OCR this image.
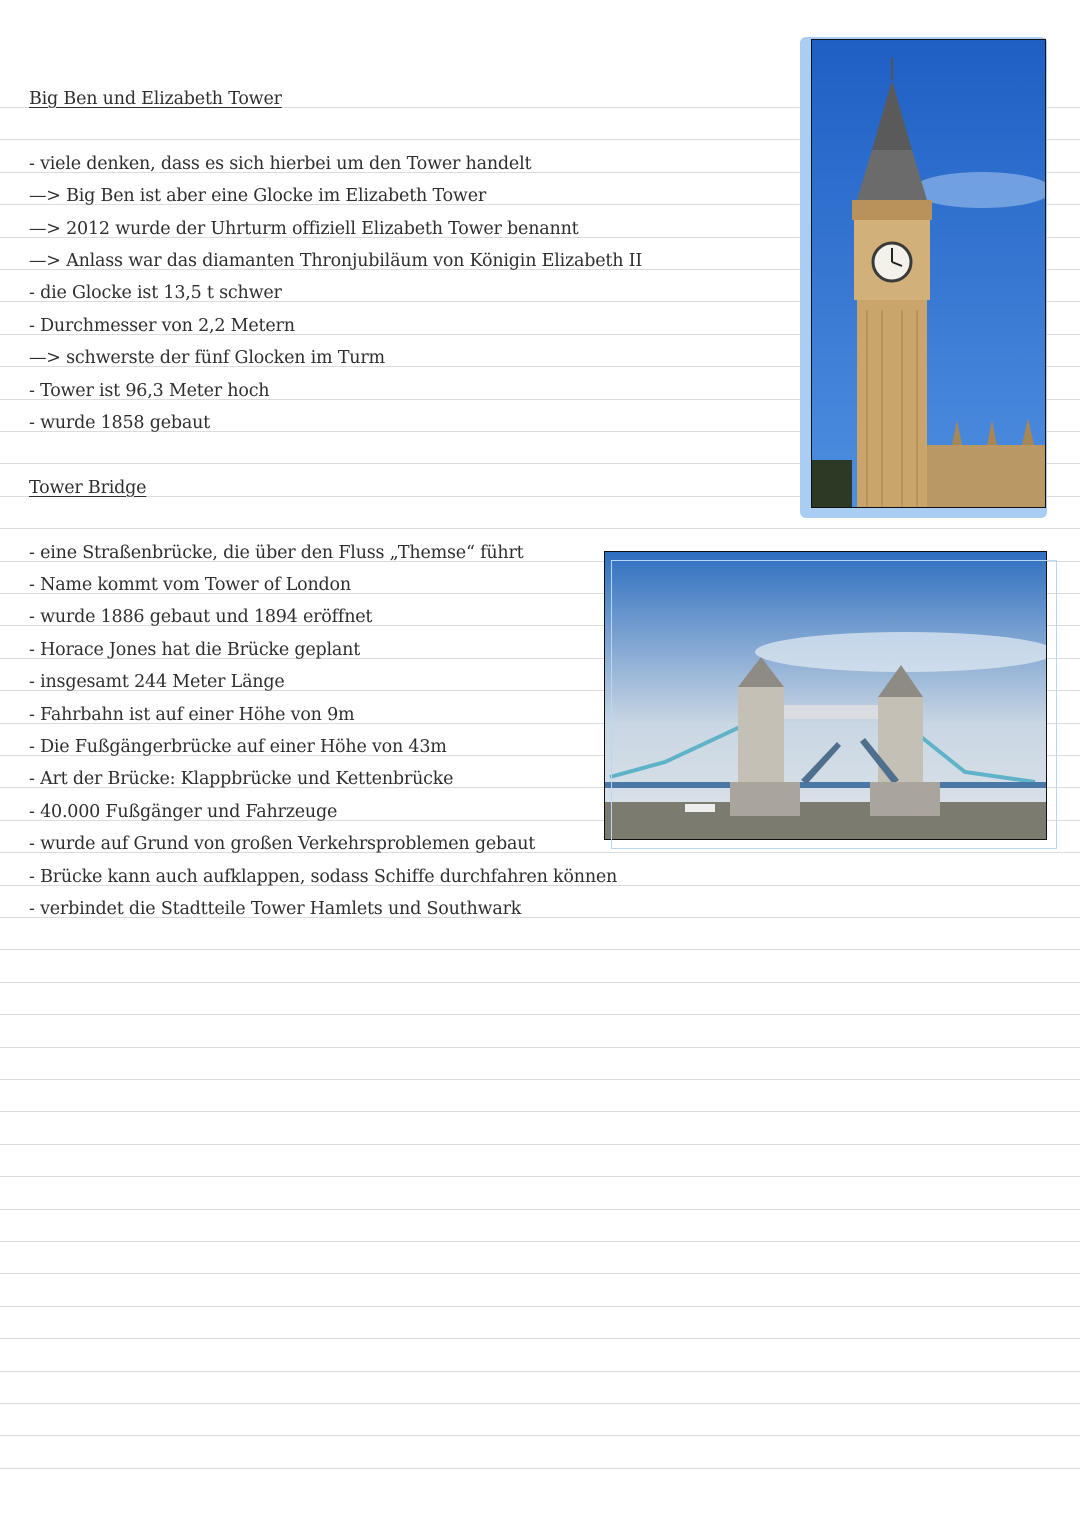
Big Ben und Elizabeth Tower
- viele denken, dass es sich hierbei um den Tower handelt
—> Big Ben ist aber eine Glocke im Elizabeth Tower
—> 2012 wurde der Uhrturm offiziell Elizabeth Tower benannt
—> Anlass war das diamanten Thronjubiläum von Königin Elizabeth II
- die Glocke ist 13,5 t schwer
- Durchmesser von 2,2 Metern
—> schwerste der fünf Glocken im Turm
- Tower ist 96,3 Meter hoch
- wurde 1858 gebaut
Tower Bridge
- eine Straßenbrücke, die über den Fluss „Themse“ führt
- Name kommt vom Tower of London
- wurde 1886 gebaut und 1894 eröffnet
- Horace Jones hat die Brücke geplant
- insgesamt 244 Meter Länge
- Fahrbahn ist auf einer Höhe von 9m
- Die Fußgängerbrücke auf einer Höhe von 43m
- Art der Brücke: Klappbrücke und Kettenbrücke
- 40.000 Fußgänger und Fahrzeuge
- wurde auf Grund von großen Verkehrsproblemen gebaut
- Brücke kann auch aufklappen, sodass Schiffe durchfahren können
- verbindet die Stadtteile Tower Hamlets und Southwark
